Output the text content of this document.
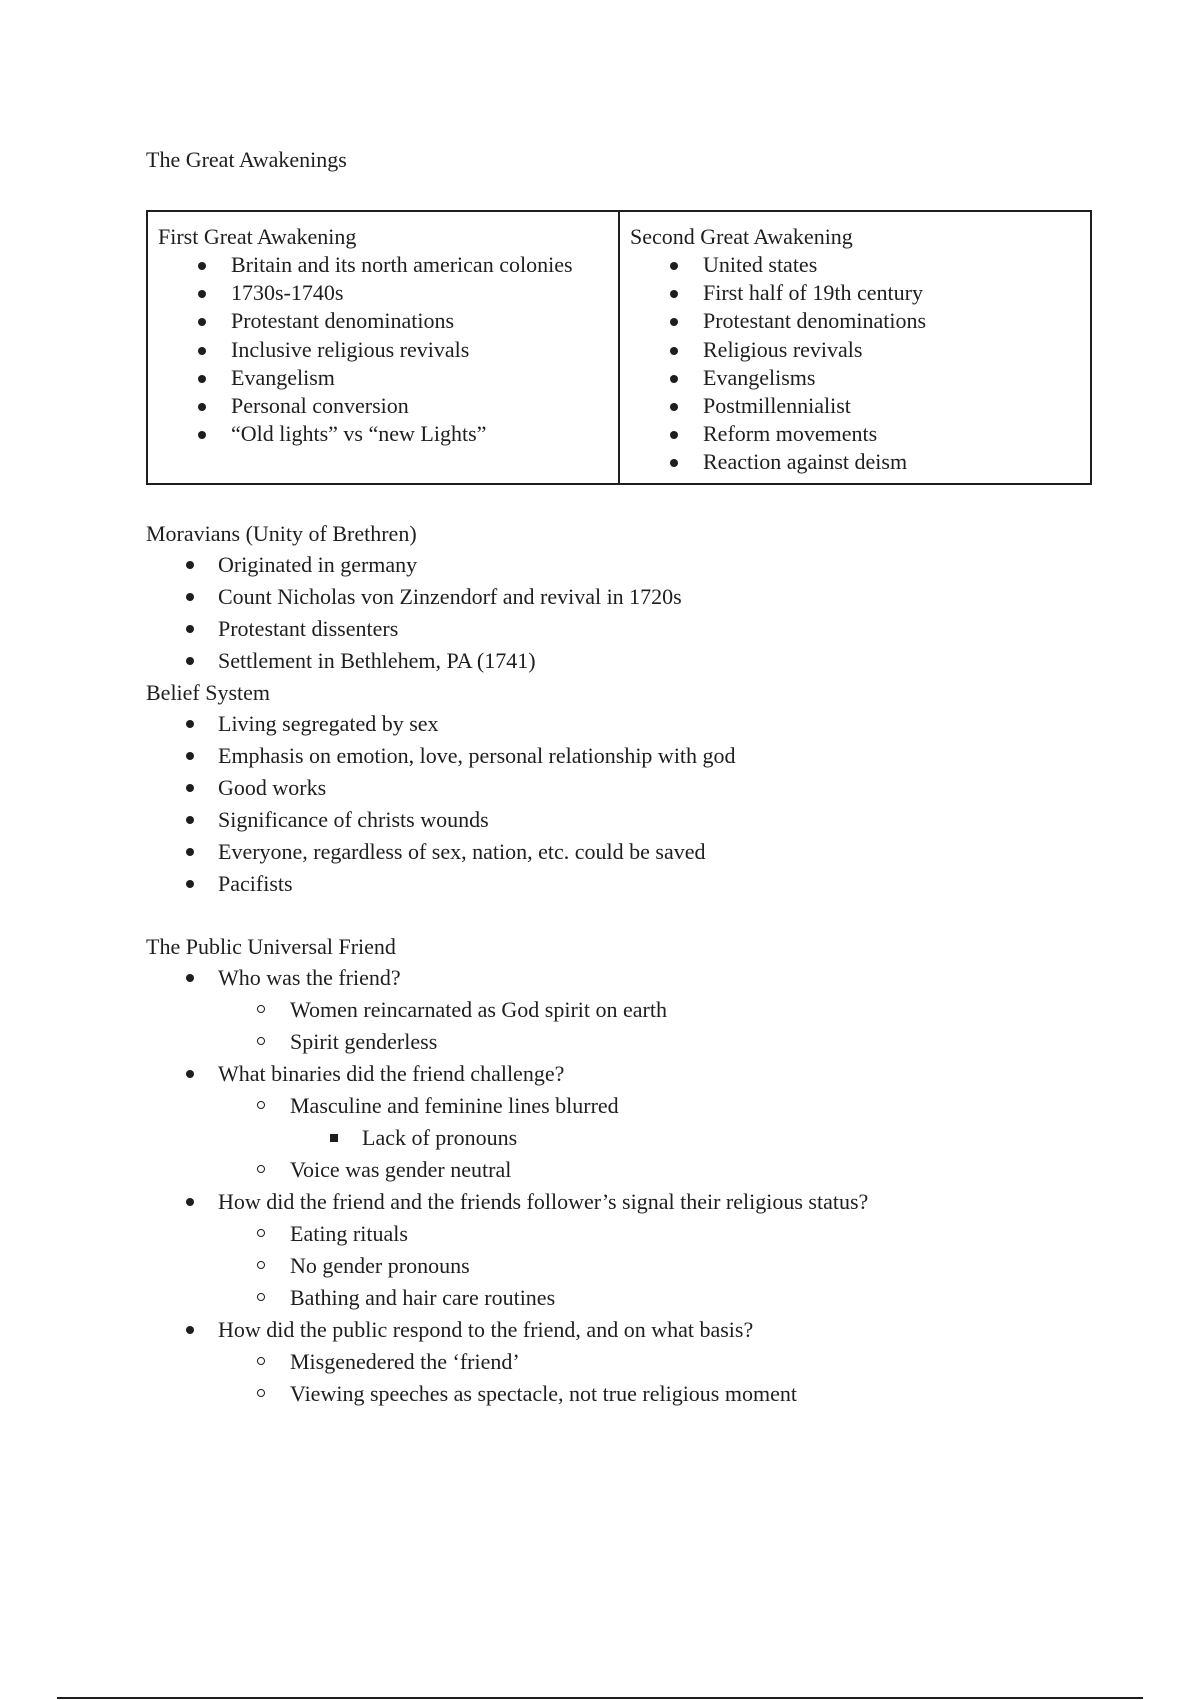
The Great Awakenings
First Great Awakening
Britain and its north american colonies
1730s-1740s
Protestant denominations
Inclusive religious revivals
Evangelism
Personal conversion
“Old lights” vs “new Lights”

Second Great Awakening
United states
First half of 19th century
Protestant denominations
Religious revivals
Evangelisms
Postmillennialist
Reform movements
Reaction against deism
Moravians (Unity of Brethren)
Originated in germany
Count Nicholas von Zinzendorf and revival in 1720s
Protestant dissenters
Settlement in Bethlehem, PA (1741)
Belief System
Living segregated by sex
Emphasis on emotion, love, personal relationship with god
Good works
Significance of christs wounds
Everyone, regardless of sex, nation, etc. could be saved
Pacifists
The Public Universal Friend
Who was the friend?
Women reincarnated as God spirit on earth
Spirit genderless
What binaries did the friend challenge?
Masculine and feminine lines blurred
Lack of pronouns
Voice was gender neutral
How did the friend and the friends follower’s signal their religious status?
Eating rituals
No gender pronouns
Bathing and hair care routines
How did the public respond to the friend, and on what basis?
Misgenedered the ‘friend’
Viewing speeches as spectacle, not true religious moment
